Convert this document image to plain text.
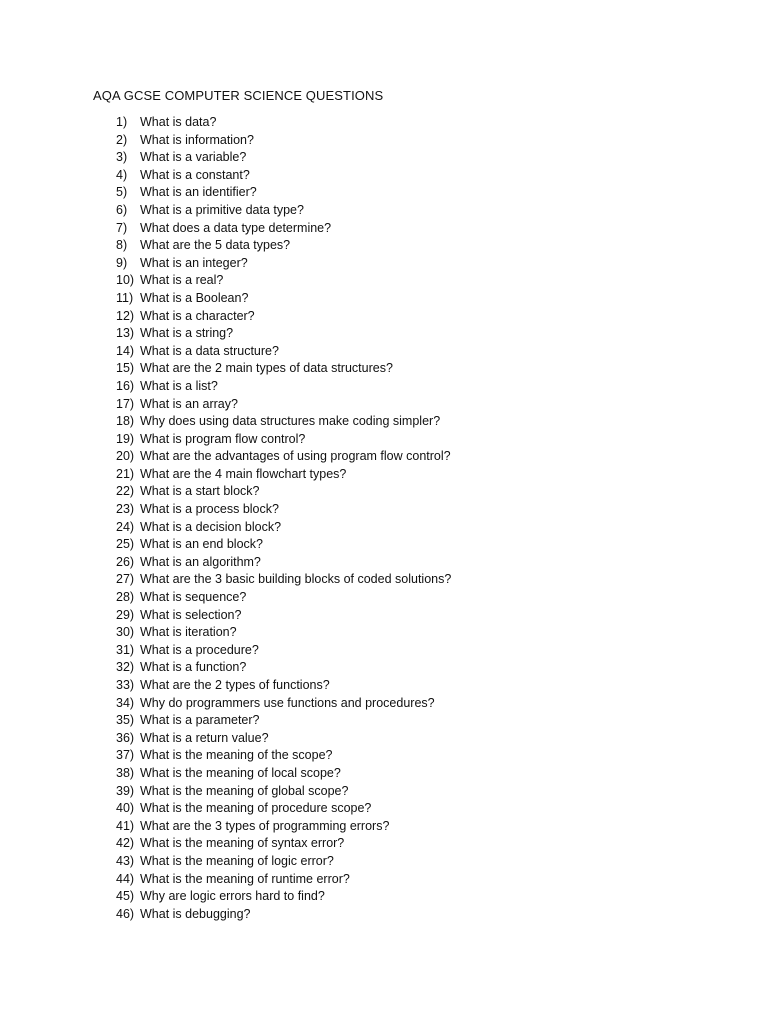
AQA GCSE COMPUTER SCIENCE QUESTIONS
1)	What is data?
2)	What is information?
3)	What is a variable?
4)	What is a constant?
5)	What is an identifier?
6)	What is a primitive data type?
7)	What does a data type determine?
8)	What are the 5 data types?
9)	What is an integer?
10) What is a real?
11) What is a Boolean?
12) What is a character?
13) What is a string?
14) What is a data structure?
15) What are the 2 main types of data structures?
16) What is a list?
17) What is an array?
18) Why does using data structures make coding simpler?
19) What is program flow control?
20) What are the advantages of using program flow control?
21) What are the 4 main flowchart types?
22) What is a start block?
23) What is a process block?
24) What is a decision block?
25) What is an end block?
26) What is an algorithm?
27) What are the 3 basic building blocks of coded solutions?
28) What is sequence?
29) What is selection?
30) What is iteration?
31) What is a procedure?
32) What is a function?
33) What are the 2 types of functions?
34) Why do programmers use functions and procedures?
35) What is a parameter?
36) What is a return value?
37) What is the meaning of the scope?
38) What is the meaning of local scope?
39) What is the meaning of global scope?
40) What is the meaning of procedure scope?
41) What are the 3 types of programming errors?
42) What is the meaning of syntax error?
43) What is the meaning of logic error?
44) What is the meaning of runtime error?
45) Why are logic errors hard to find?
46) What is debugging?
